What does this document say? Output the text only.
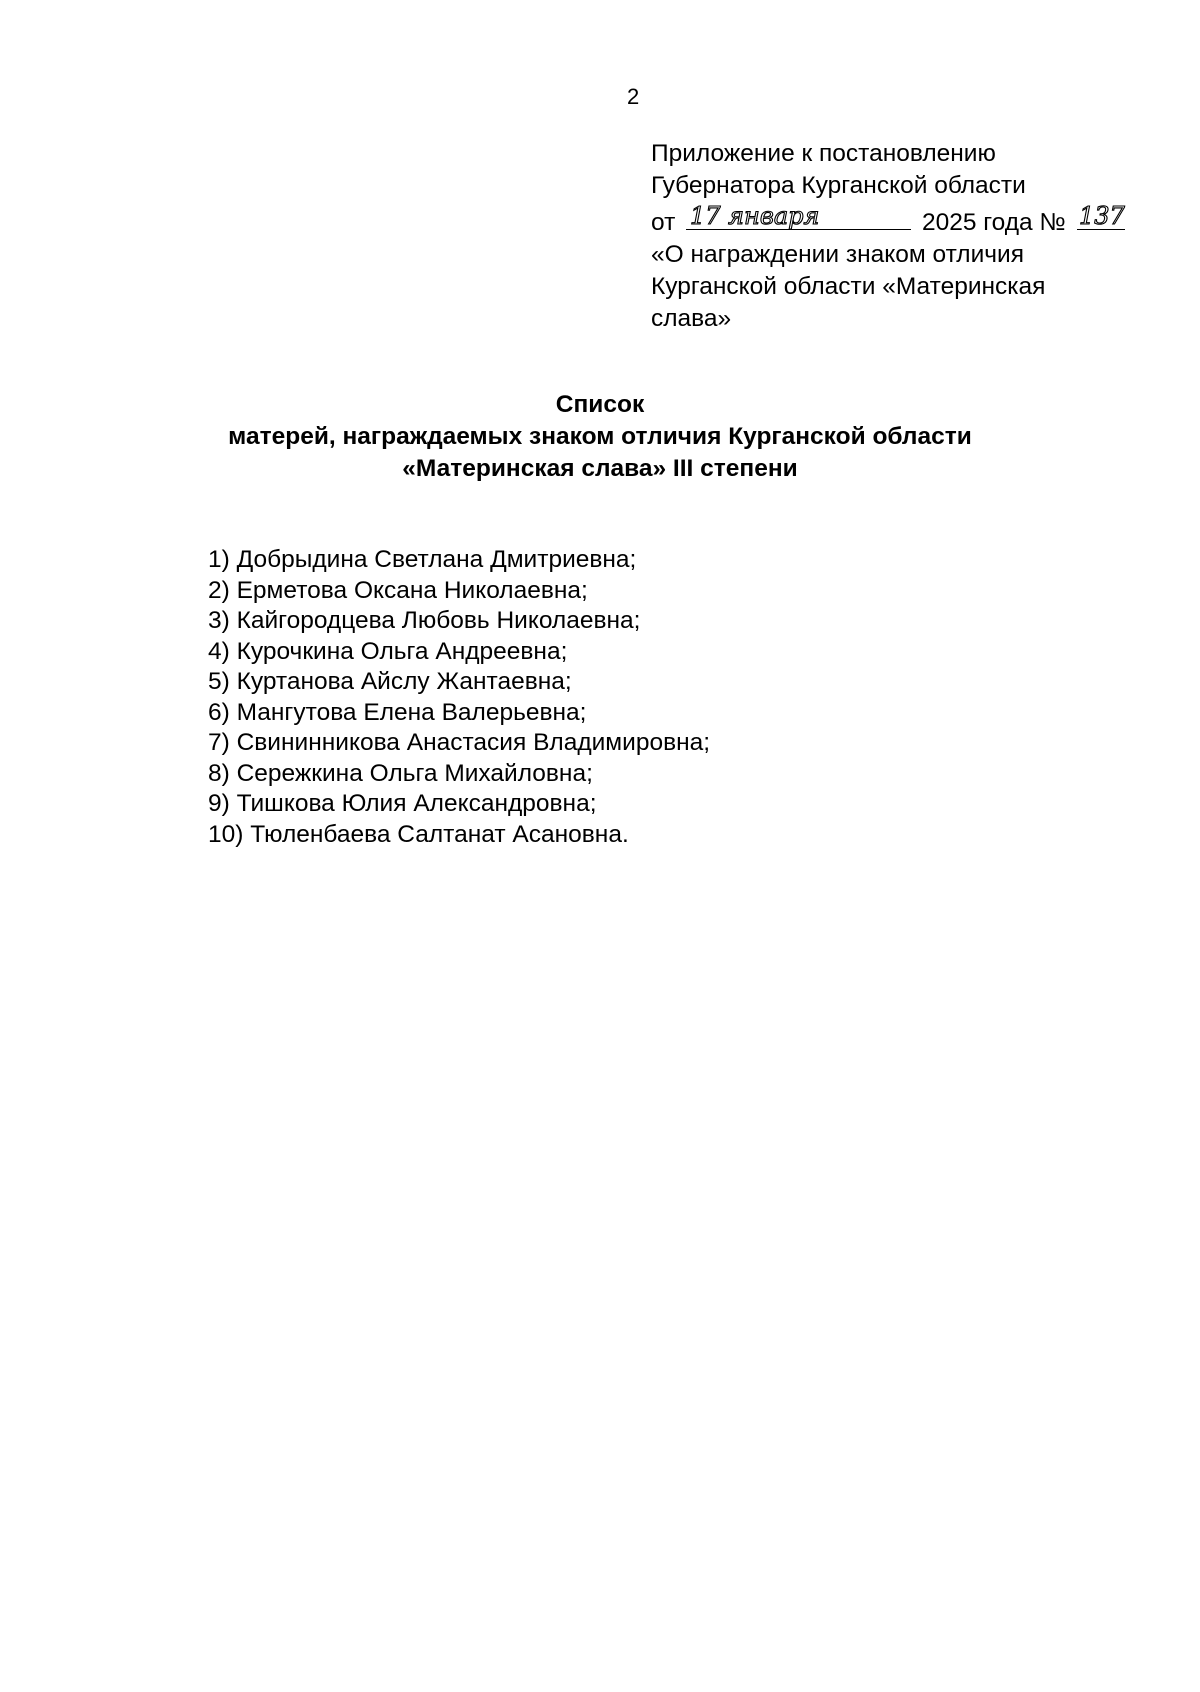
2
Приложение к постановлению
Губернатора Курганской области
от 17 января	2025 года № 137
«О награждении знаком отличия
Курганской области «Материнская
слава»
Список
матерей, награждаемых знаком отличия Курганской области
«Материнская слава» III степени
1) Добрыдина Светлана Дмитриевна;
2) Ерметова Оксана Николаевна;
3) Кайгородцева Любовь Николаевна;
4) Курочкина Ольга Андреевна;
5) Куртанова Айслу Жантаевна;
6) Мангутова Елена Валерьевна;
7) Свининникова Анастасия Владимировна;
8) Сережкина Ольга Михайловна;
9) Тишкова Юлия Александровна;
10) Тюленбаева Салтанат Асановна.
